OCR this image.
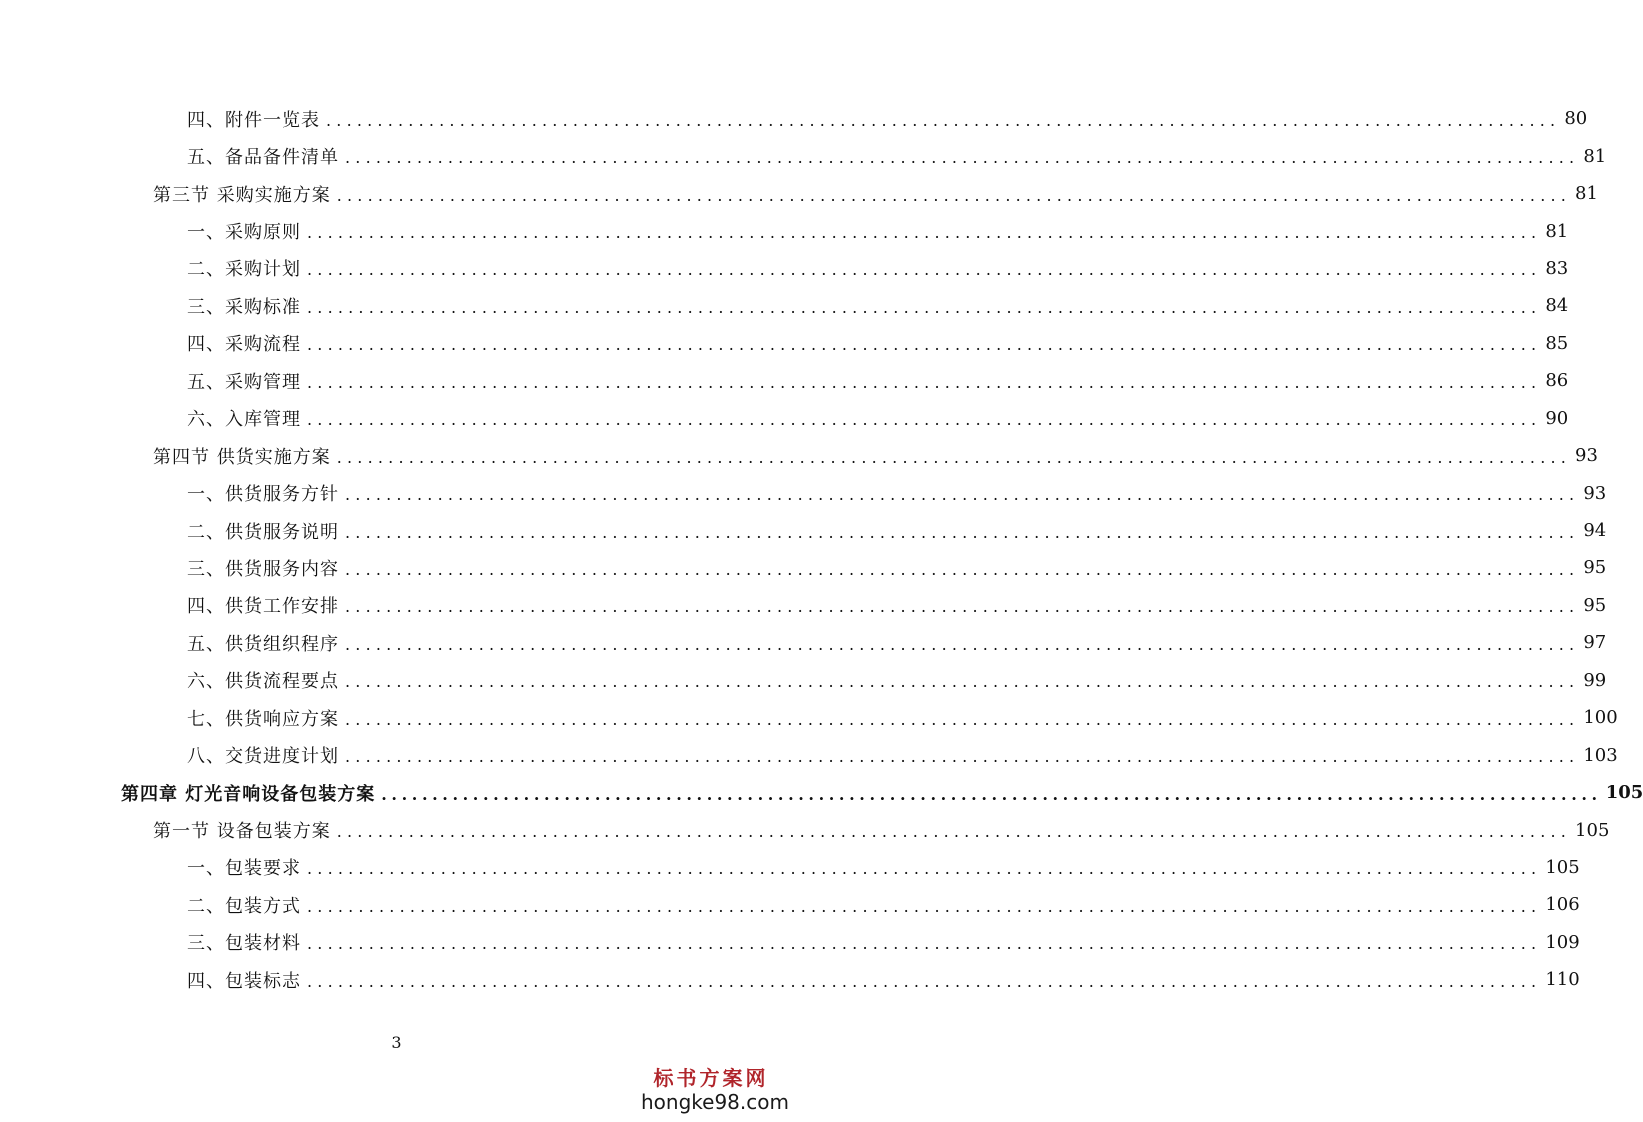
四、附件一览表 ........................................................................................................................ 80
五、备品备件清单 ........................................................................................................................ 81
第三节 采购实施方案 ........................................................................................................................ 81
一、采购原则 ........................................................................................................................ 81
二、采购计划 ........................................................................................................................ 83
三、采购标准 ........................................................................................................................ 84
四、采购流程 ........................................................................................................................ 85
五、采购管理 ........................................................................................................................ 86
六、入库管理 ........................................................................................................................ 90
第四节 供货实施方案 ........................................................................................................................ 93
一、供货服务方针 ........................................................................................................................ 93
二、供货服务说明 ........................................................................................................................ 94
三、供货服务内容 ........................................................................................................................ 95
四、供货工作安排 ........................................................................................................................ 95
五、供货组织程序 ........................................................................................................................ 97
六、供货流程要点 ........................................................................................................................ 99
七、供货响应方案 ........................................................................................................................ 100
八、交货进度计划 ........................................................................................................................ 103
第四章 灯光音响设备包装方案 ........................................................................................................................ 105
第一节 设备包装方案 ........................................................................................................................ 105
一、包装要求 ........................................................................................................................ 105
二、包装方式 ........................................................................................................................ 106
三、包装材料 ........................................................................................................................ 109
四、包装标志 ........................................................................................................................ 110
3
标书方案网
hongke98.com
